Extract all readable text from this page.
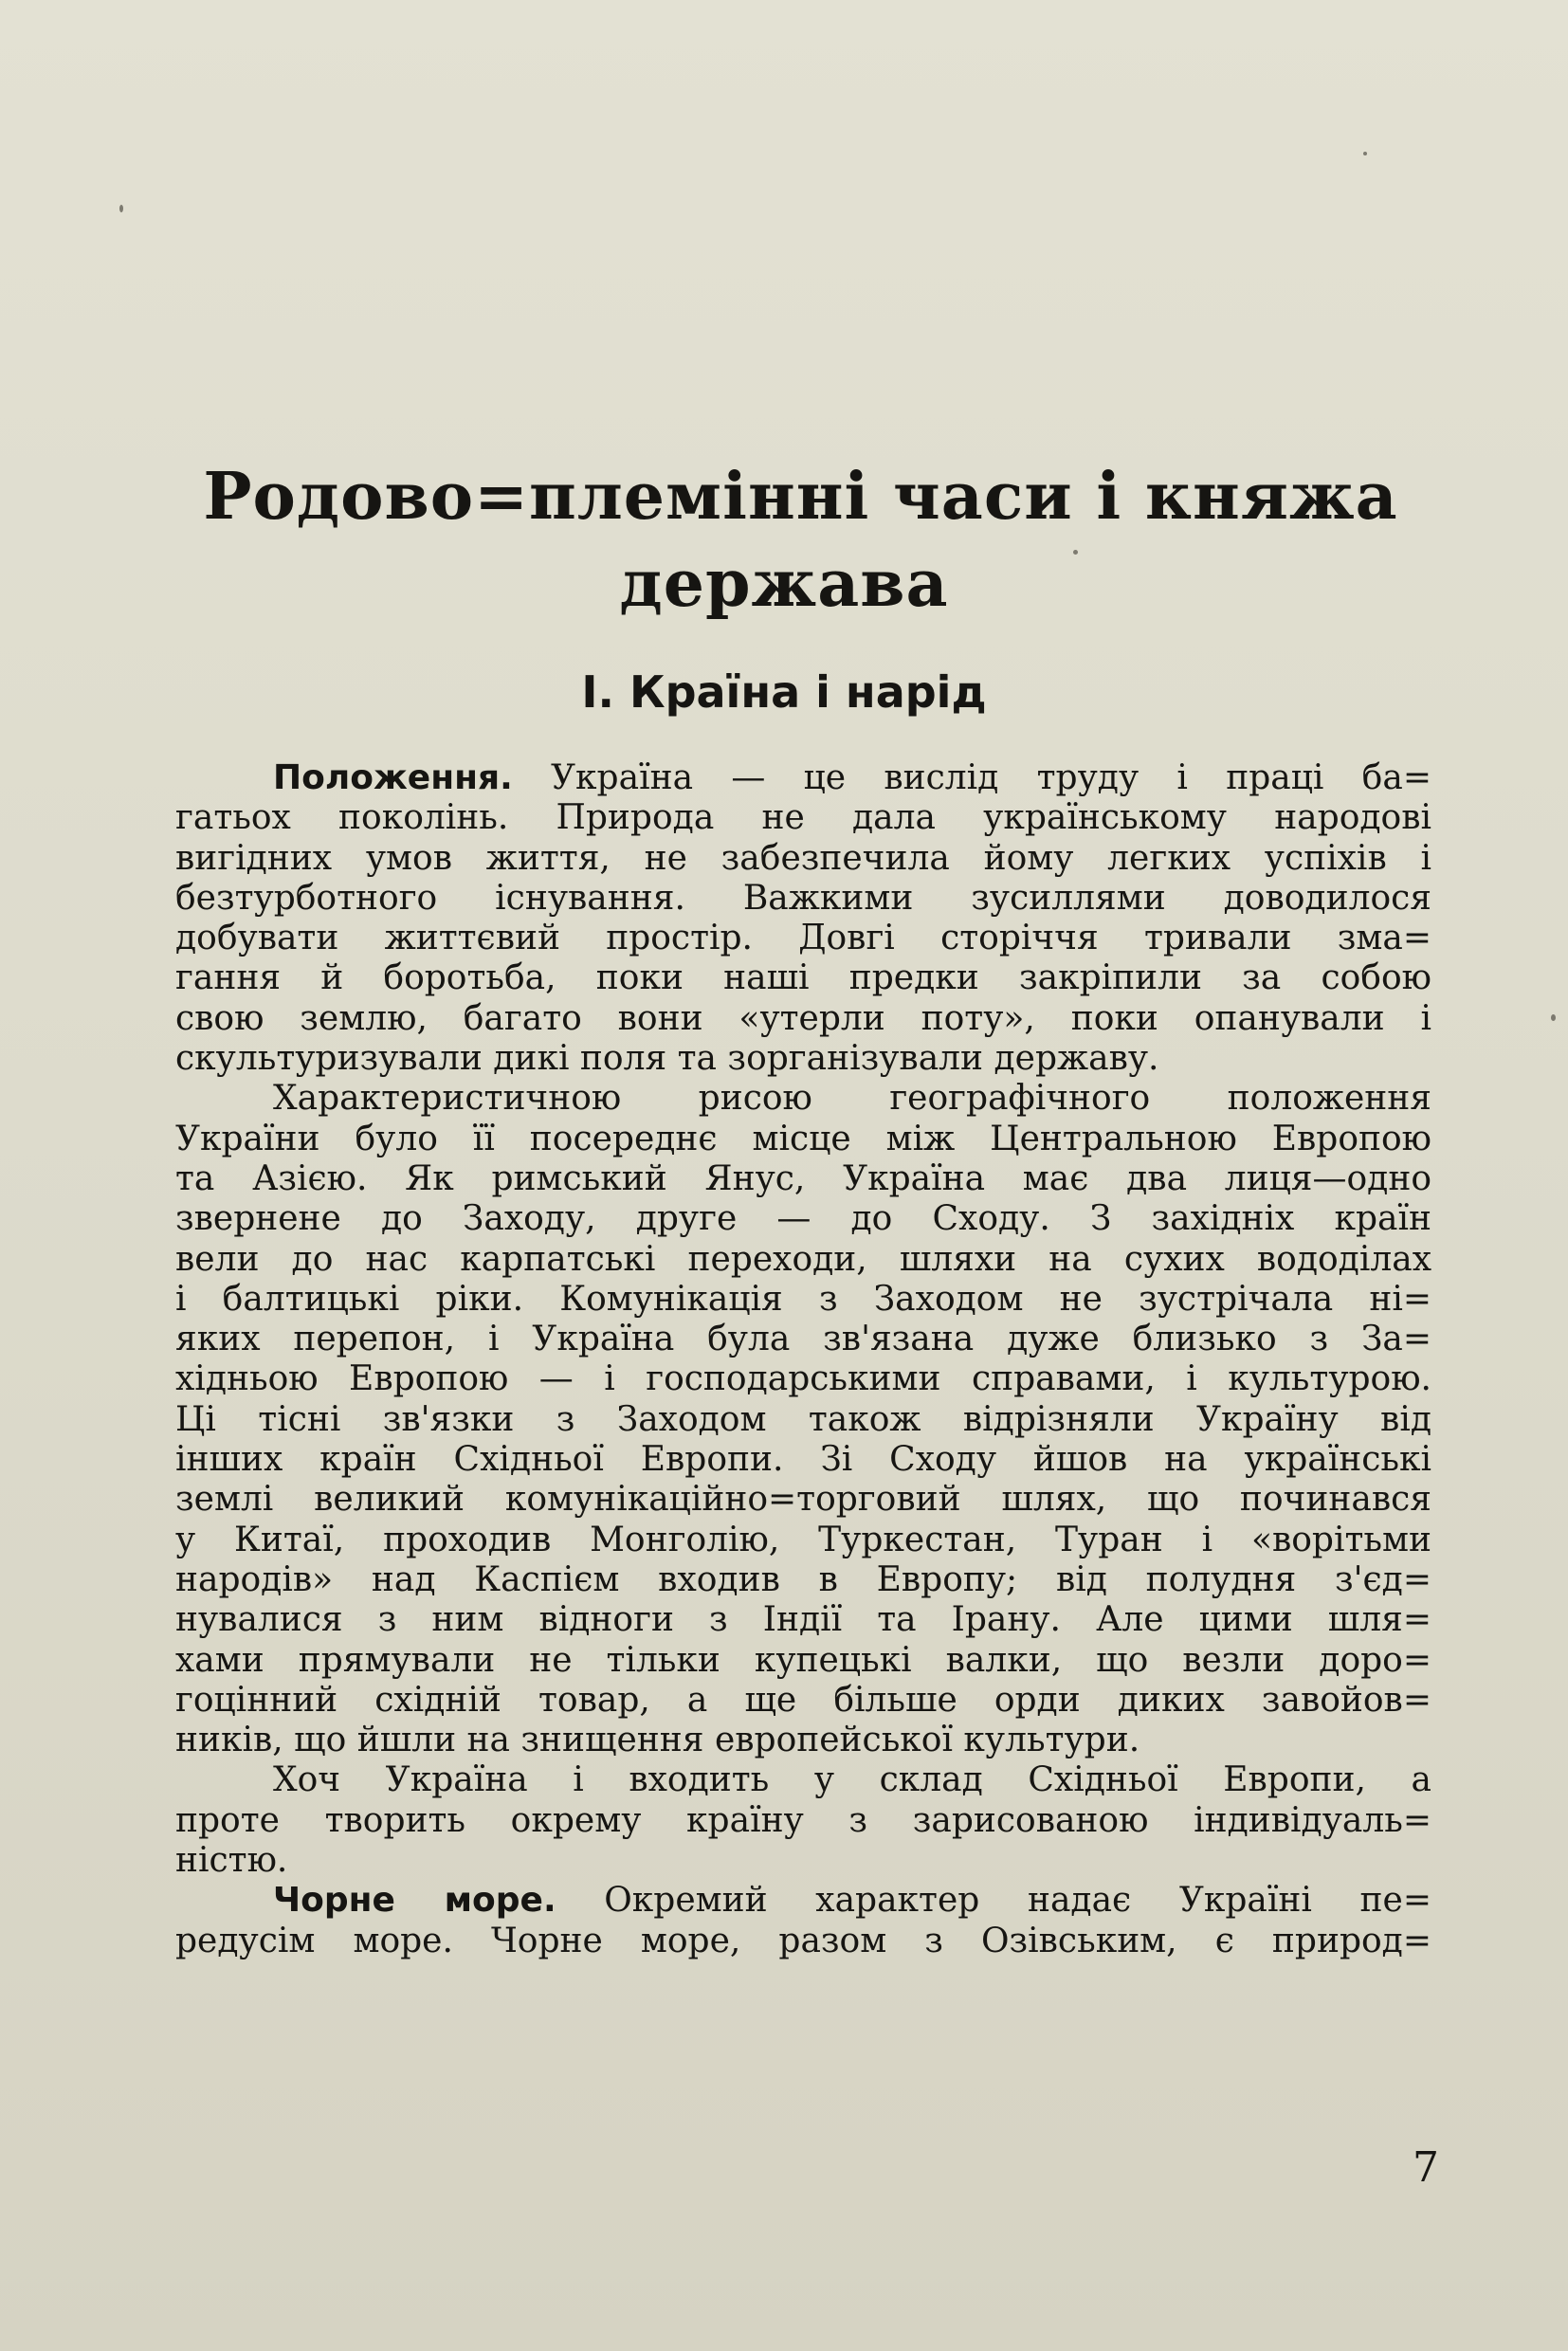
Родово=племінні часи і княжа
держава
І. Країна і нарід
Положення. Україна — це вислід труду і праці ба=
гатьох поколінь. Природа не дала українському народові
вигідних умов життя, не забезпечила йому легких успіхів і
безтурботного існування. Важкими зусиллями доводилося
добувати життєвий простір. Довгі сторіччя тривали зма=
гання й боротьба, поки наші предки закріпили за собою
свою землю, багато вони «утерли поту», поки опанували і
скультуризували дикі поля та зорганізували державу.
Характеристичною рисою географічного положення
України було її посереднє місце між Центральною Европою
та Азією. Як римський Янус, Україна має два лиця—одно
звернене до Заходу, друге — до Сходу. З західніх країн
вели до нас карпатські переходи, шляхи на сухих вододілах
і балтицькі ріки. Комунікація з Заходом не зустрічала ні=
яких перепон, і Україна була зв'язана дуже близько з За=
хідньою Европою — і господарськими справами, і культурою.
Ці тісні зв'язки з Заходом також відрізняли Україну від
інших країн Східньої Европи. Зі Сходу йшов на українські
землі великий комунікаційно=торговий шлях, що починався
у Китаї, проходив Монголію, Туркестан, Туран і «ворітьми
народів» над Каспієм входив в Европу; від полудня з'єд=
нувалися з ним відноги з Індії та Ірану. Але цими шля=
хами прямували не тільки купецькі валки, що везли доро=
гоцінний східній товар, а ще більше орди диких завойов=
ників, що йшли на знищення европейської культури.
Хоч Україна і входить у склад Східньої Европи, а
проте творить окрему країну з зарисованою індивідуаль=
ністю.
Чорне море. Окремий характер надає Україні пе=
редусім море. Чорне море, разом з Озівським, є природ=
7
